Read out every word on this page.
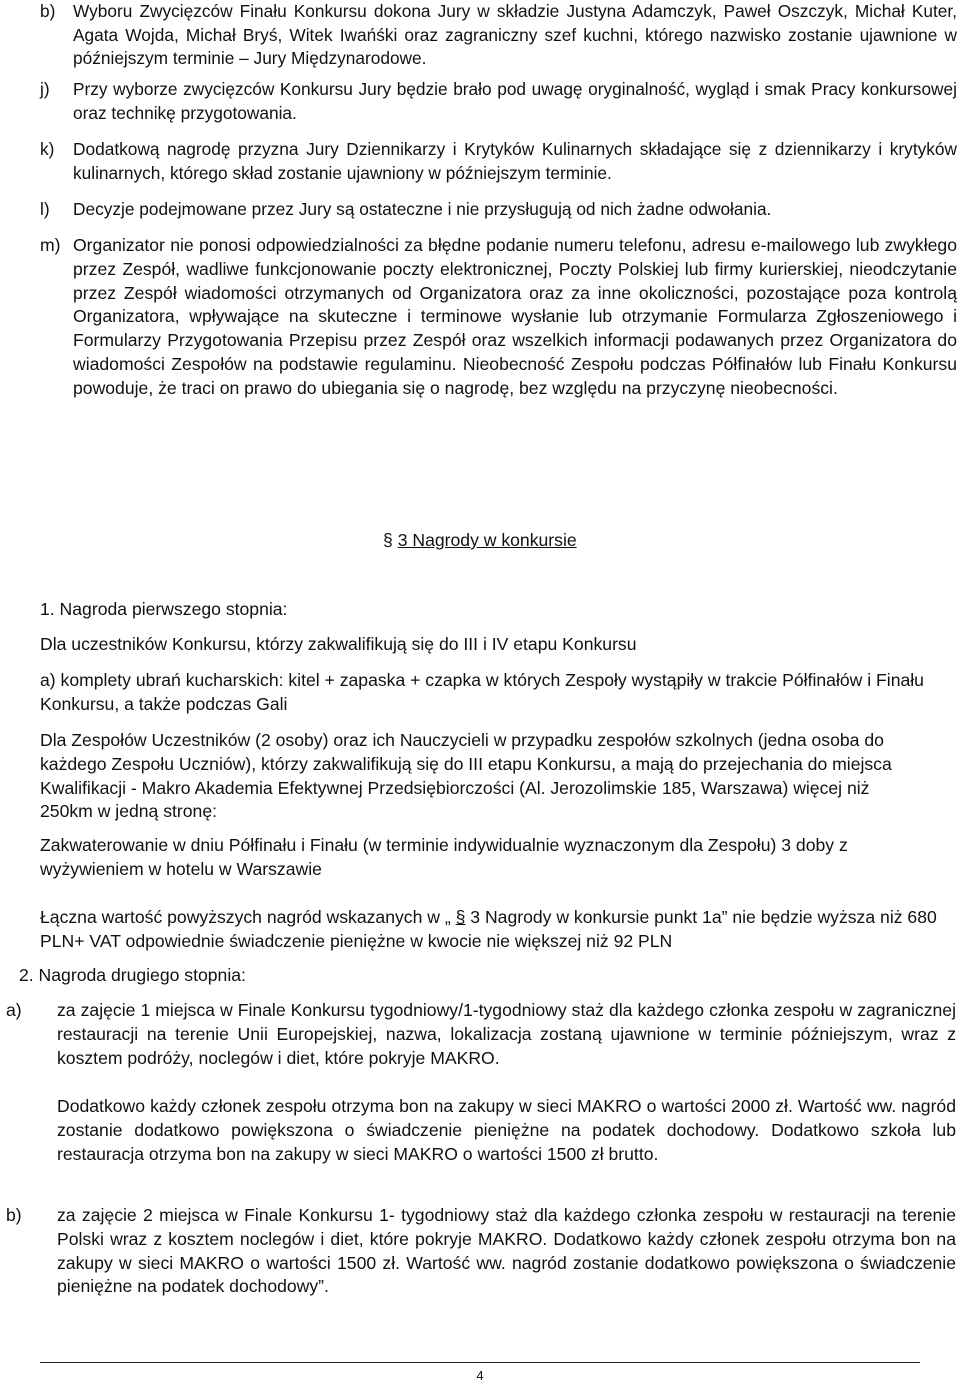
b) Wyboru Zwycięzców Finału Konkursu dokona Jury w składzie Justyna Adamczyk, Paweł Oszczyk, Michał Kuter, Agata Wojda, Michał Bryś, Witek Iwańśki oraz zagraniczny szef kuchni, którego nazwisko zostanie ujawnione w późniejszym terminie – Jury Międzynarodowe.
j) Przy wyborze zwycięzców Konkursu Jury będzie brało pod uwagę oryginalność, wygląd i smak Pracy konkursowej oraz technikę przygotowania.
k) Dodatkową nagrodę przyzna Jury Dziennikarzy i Krytyków Kulinarnych składające się z dziennikarzy i krytyków kulinarnych, którego skład zostanie ujawniony w późniejszym terminie.
l) Decyzje podejmowane przez Jury są ostateczne i nie przysługują od nich żadne odwołania.
m) Organizator nie ponosi odpowiedzialności za błędne podanie numeru telefonu, adresu e-mailowego lub zwykłego przez Zespół, wadliwe funkcjonowanie poczty elektronicznej, Poczty Polskiej lub firmy kurierskiej, nieodczytanie przez Zespół wiadomości otrzymanych od Organizatora oraz za inne okoliczności, pozostające poza kontrolą Organizatora, wpływające na skuteczne i terminowe wysłanie lub otrzymanie Formularza Zgłoszeniowego i Formularzy Przygotowania Przepisu przez Zespół oraz wszelkich informacji podawanych przez Organizatora do wiadomości Zespołów na podstawie regulaminu. Nieobecność Zespołu podczas Półfinałów lub Finału Konkursu powoduje, że traci on prawo do ubiegania się o nagrodę, bez względu na przyczynę nieobecności.
§ 3 Nagrody w konkursie
1. Nagroda pierwszego stopnia:
Dla uczestników Konkursu, którzy zakwalifikują się do III i IV etapu Konkursu
a) komplety ubrań kucharskich: kitel + zapaska + czapka w których Zespoły wystąpiły w trakcie Półfinałów i Finału Konkursu, a także podczas Gali
Dla Zespołów Uczestników (2 osoby) oraz ich Nauczycieli w przypadku zespołów szkolnych (jedna osoba do każdego Zespołu Uczniów), którzy zakwalifikują się do III etapu Konkursu, a mają do przejechania do miejsca Kwalifikacji - Makro Akademia Efektywnej Przedsiębiorczości (Al. Jerozolimskie 185, Warszawa) więcej niż 250km w jedną stronę:
Zakwaterowanie w dniu Półfinału i Finału (w terminie indywidualnie wyznaczonym dla Zespołu) 3 doby z wyżywieniem w hotelu w Warszawie
Łączna wartość powyższych nagród wskazanych w „ § 3 Nagrody w konkursie punkt 1a” nie będzie wyższa niż 680 PLN+ VAT odpowiednie świadczenie pieniężne w kwocie nie większej niż 92 PLN
2. Nagroda drugiego stopnia:
a) za zajęcie 1 miejsca w Finale Konkursu tygodniowy/1-tygodniowy staż dla każdego członka zespołu w zagranicznej restauracji na terenie Unii Europejskiej, nazwa, lokalizacja zostaną ujawnione w terminie późniejszym, wraz z kosztem podróży, noclegów i diet, które pokryje MAKRO.
Dodatkowo każdy członek zespołu otrzyma bon na zakupy w sieci MAKRO o wartości 2000 zł. Wartość ww. nagród zostanie dodatkowo powiększona o świadczenie pieniężne na podatek dochodowy. Dodatkowo szkoła lub restauracja otrzyma bon na zakupy w sieci MAKRO o wartości 1500 zł brutto.
b) za zajęcie 2 miejsca w Finale Konkursu 1- tygodniowy staż dla każdego członka zespołu w restauracji na terenie Polski wraz z kosztem noclegów i diet, które pokryje MAKRO. Dodatkowo każdy członek zespołu otrzyma bon na zakupy w sieci MAKRO o wartości 1500 zł. Wartość ww. nagród zostanie dodatkowo powiększona o świadczenie pieniężne na podatek dochodowy”.
4
